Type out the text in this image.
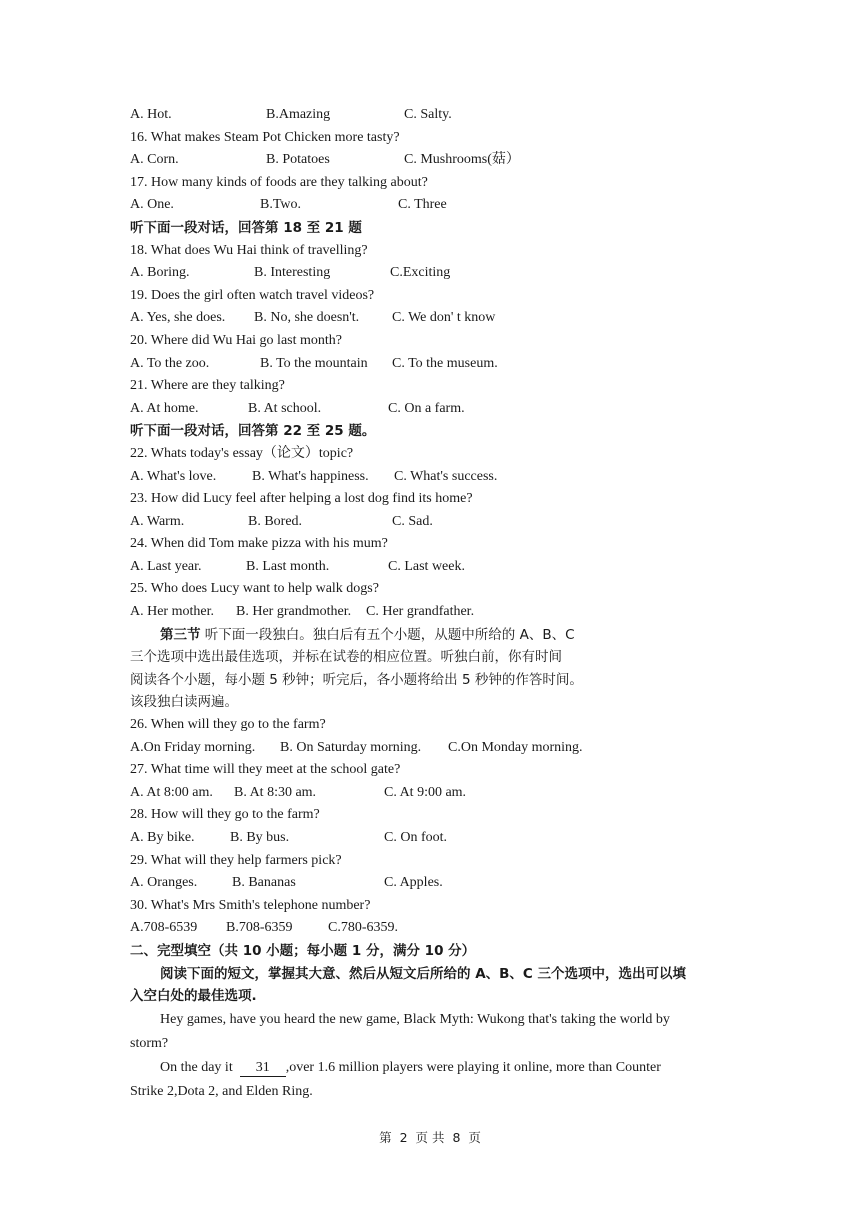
A. Hot.	B.Amazing	C. Salty.
16. What makes Steam Pot Chicken more tasty?
A. Corn.	B. Potatoes	C. Mushrooms(菇）
17. How many kinds of foods are they talking about?
A. One.	B.Two.	C. Three
听下面一段对话，回答第 18 至 21 题
18. What does Wu Hai think of travelling?
A. Boring.	B. Interesting	C.Exciting
19. Does the girl often watch travel videos?
A. Yes, she does. B. No, she doesn't. C. We don' t know
20. Where did Wu Hai go last month?
A. To the zoo.	B. To the mountain C. To the museum.
21. Where are they talking?
A. At home.	B. At school.	C. On a farm.
听下面一段对话，回答第 22 至 25 题。
22. Whats today's essay（论文）topic?
A. What's love.	B. What's happiness. C. What's success.
23. How did Lucy feel after helping a lost dog find its home?
A. Warm.	B. Bored.	C. Sad.
24. When did Tom make pizza with his mum?
A. Last year.	B. Last month.	C. Last week.
25. Who does Lucy want to help walk dogs?
A. Her mother. B. Her grandmother. C. Her grandfather.
第三节 听下面一段独白。独白后有五个小题，从题中所给的 A、B、C
三个选项中选出最佳选项，并标在试卷的相应位置。听独白前，你有时间
阅读各个小题，每小题 5 秒钟；听完后，各小题将给出 5 秒钟的作答时间。
该段独白读两遍。
26. When will they go to the farm?
A.On Friday morning. B. On Saturday morning. C.On Monday morning.
27. What time will they meet at the school gate?
A. At 8:00 am. B. At 8:30 am.	C. At 9:00 am.
28. How will they go to the farm?
A. By bike.	B. By bus.	C. On foot.
29. What will they help farmers pick?
A. Oranges. B. Bananas	C. Apples.
30. What's Mrs Smith's telephone number?
A.708-6539 B.708-6359	C.780-6359.
二、完型填空（共 10 小题；每小题 1 分，满分 10 分）
阅读下面的短文，掌握其大意、然后从短文后所给的 A、B、C 三个选项中，选出可以填
入空白处的最佳选项.
Hey games, have you heard the new game, Black Myth: Wukong that's taking the world by
storm?
On the day it 31 ,over 1.6 million players were playing it online, more than Counter
Strike 2,Dota 2, and Elden Ring.
第 2 页 共 8 页
